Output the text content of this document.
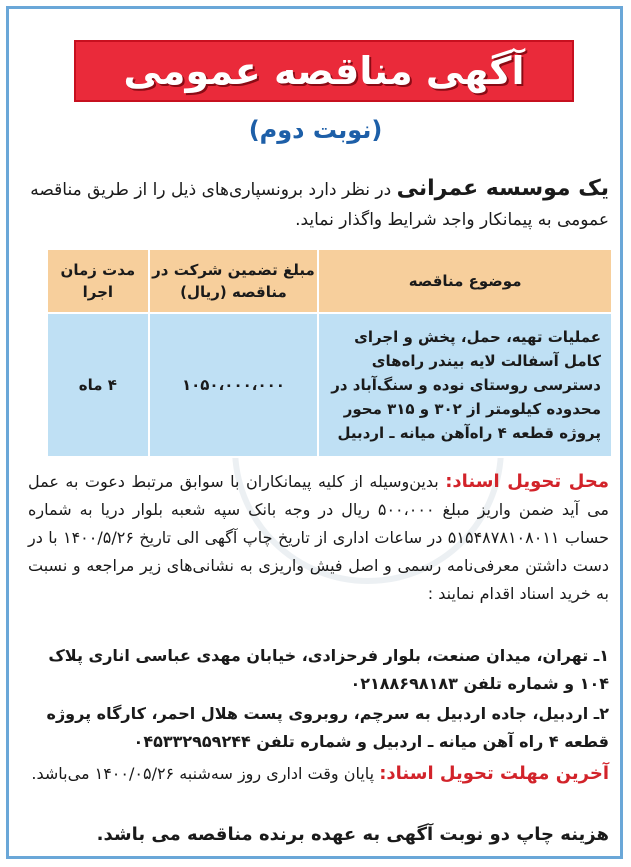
آگهی مناقصه عمومی
(نوبت دوم)
یک موسسه عمرانی در نظر دارد برونسپاری‌های ذیل را از طریق مناقصه عمومی به پیمانکار واجد شرایط واگذار نماید.
موضوع مناقصه	مبلغ تضمین شرکت در مناقصه (ریال)	مدت زمان اجرا
عملیات تهیه، حمل، پخش و اجرای کامل آسفالت لایه بیندر راه‌های دسترسی روستای نوده و سنگ‌آباد در محدوده کیلومتر از ۳۰۲ و ۳۱۵ محور پروژه قطعه ۴ راه‌آهن میانه ـ اردبیل	۱۰۵۰،۰۰۰،۰۰۰	۴ ماه
محل تحویل اسناد: بدین‌وسیله از کلیه پیمانکاران با سوابق مرتبط دعوت به عمل می آید ضمن واریز مبلغ ۵۰۰،۰۰۰ ریال در وجه بانک سپه شعبه بلوار دریا به شماره حساب ۵۱۵۴۸۷۸۱۰۸۰۱۱ در ساعات اداری از تاریخ چاپ آگهی الی تاریخ ۱۴۰۰/۵/۲۶ با در دست داشتن معرفی‌نامه رسمی و اصل فیش واریزی به نشانی‌های زیر مراجعه و نسبت به خرید اسناد اقدام نمایند :
۱ـ تهران، میدان صنعت، بلوار فرحزادی، خیابان مهدی عباسی اناری پلاک ۱۰۴ و شماره تلفن ۰۲۱۸۸۶۹۸۱۸۳
۲ـ اردبیل، جاده اردبیل به سرچم، روبروی پست هلال احمر، کارگاه پروژه قطعه ۴ راه آهن میانه ـ اردبیل و شماره تلفن ۰۴۵۳۳۲۹۵۹۲۴۴
آخرین مهلت تحویل اسناد: پایان وقت اداری روز سه‌شنبه ۱۴۰۰/۰۵/۲۶ می‌باشد.
هزینه چاپ دو نوبت آگهی به عهده برنده مناقصه می باشد.
